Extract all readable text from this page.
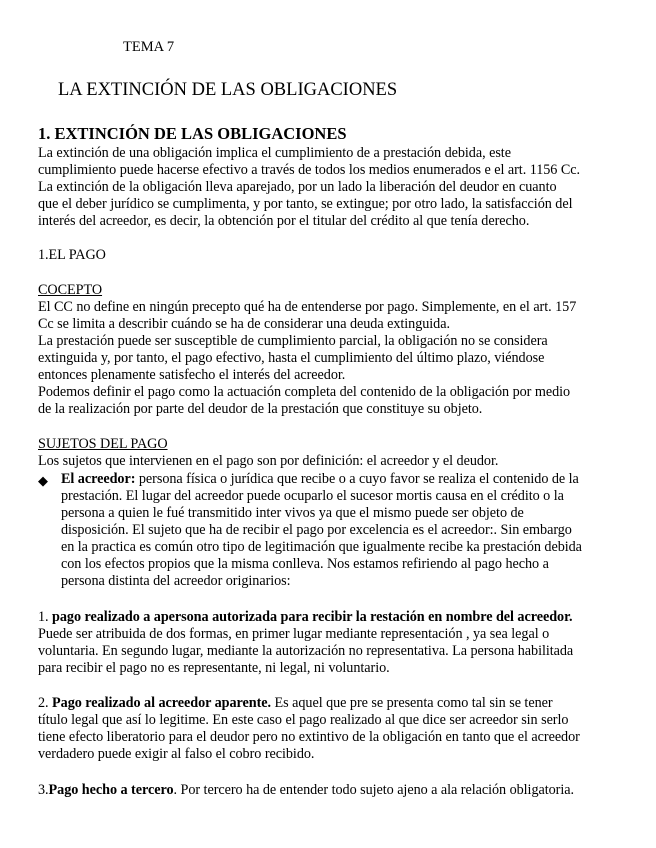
TEMA 7
LA EXTINCIÓN DE LAS OBLIGACIONES
1. EXTINCIÓN DE LAS OBLIGACIONES
La extinción de una obligación implica el cumplimiento de a prestación debida, este
cumplimiento puede hacerse efectivo a través de todos los medios enumerados e el art. 1156 Cc.
La extinción de la obligación lleva aparejado, por un lado la liberación del deudor en cuanto
que el deber jurídico se cumplimenta, y por tanto, se extingue; por otro lado, la satisfacción del
interés del acreedor, es decir, la obtención por el titular del crédito al que tenía derecho.
1.EL PAGO
COCEPTO
El CC no define en ningún precepto qué ha de entenderse por pago. Simplemente, en el art. 157
Cc se limita a describir cuándo se ha de considerar una deuda extinguida.
La prestación puede ser susceptible de cumplimiento parcial, la obligación no se considera
extinguida y, por tanto, el pago efectivo, hasta el cumplimiento del último plazo, viéndose
entonces plenamente satisfecho el interés del acreedor.
Podemos definir el pago como la actuación completa del contenido de la obligación por medio
de la realización por parte del deudor de la prestación que constituye su objeto.
SUJETOS DEL PAGO
Los sujetos que intervienen en el pago son por definición: el acreedor y el deudor.
◆ El acreedor: persona física o jurídica que recibe o a cuyo favor se realiza el contenido de la
prestación. El lugar del acreedor puede ocuparlo el sucesor mortis causa en el crédito o la
persona a quien le fué transmitido inter vivos ya que el mismo puede ser objeto de
disposición. El sujeto que ha de recibir el pago por excelencia es el acreedor:. Sin embargo
en la practica es común otro tipo de legitimación que igualmente recibe ka prestación debida
con los efectos propios que la misma conlleva. Nos estamos refiriendo al pago hecho a
persona distinta del acreedor originarios:
1. pago realizado a apersona autorizada para recibir la restación en nombre del acreedor.
Puede ser atribuida de dos formas, en primer lugar mediante representación , ya sea legal o
voluntaria. En segundo lugar, mediante la autorización no representativa. La persona habilitada
para recibir el pago no es representante, ni legal, ni voluntario.
2. Pago realizado al acreedor aparente. Es aquel que pre se presenta como tal sin se tener
título legal que así lo legitime. En este caso el pago realizado al que dice ser acreedor sin serlo
tiene efecto liberatorio para el deudor pero no extintivo de la obligación en tanto que el acreedor
verdadero puede exigir al falso el cobro recibido.
3.Pago hecho a tercero. Por tercero ha de entender todo sujeto ajeno a ala relación obligatoria.
